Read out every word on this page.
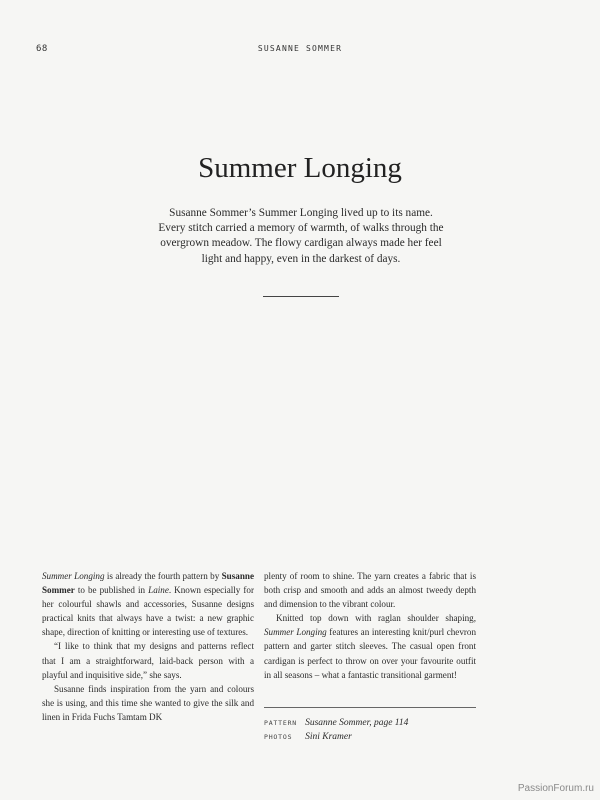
68	SUSANNE SOMMER
Summer Longing
Susanne Sommer’s Summer Longing lived up to its name. Every stitch carried a memory of warmth, of walks through the overgrown meadow. The flowy cardigan always made her feel light and happy, even in the darkest of days.

Summer Longing is already the fourth pattern by Susanne Sommer to be published in Laine. Known especially for her colourful shawls and accessories, Susanne designs practical knits that always have a twist: a new graphic shape, direction of knitting or interesting use of textures.

“I like to think that my designs and patterns reflect that I am a straightforward, laid-back person with a playful and inquisitive side,” she says.

Susanne finds inspiration from the yarn and colours she is using, and this time she wanted to give the silk and linen in Frida Fuchs Tamtam DK

plenty of room to shine. The yarn creates a fabric that is both crisp and smooth and adds an almost tweedy depth and dimension to the vibrant colour.

Knitted top down with raglan shoulder shaping, Summer Longing features an interesting knit/purl chevron pattern and garter stitch sleeves. The casual open front cardigan is perfect to throw on over your favourite outfit in all seasons – what a fantastic transitional garment!

PATTERN Susanne Sommer, page 114
PHOTOS Sini Kramer
PassionForum.ru
